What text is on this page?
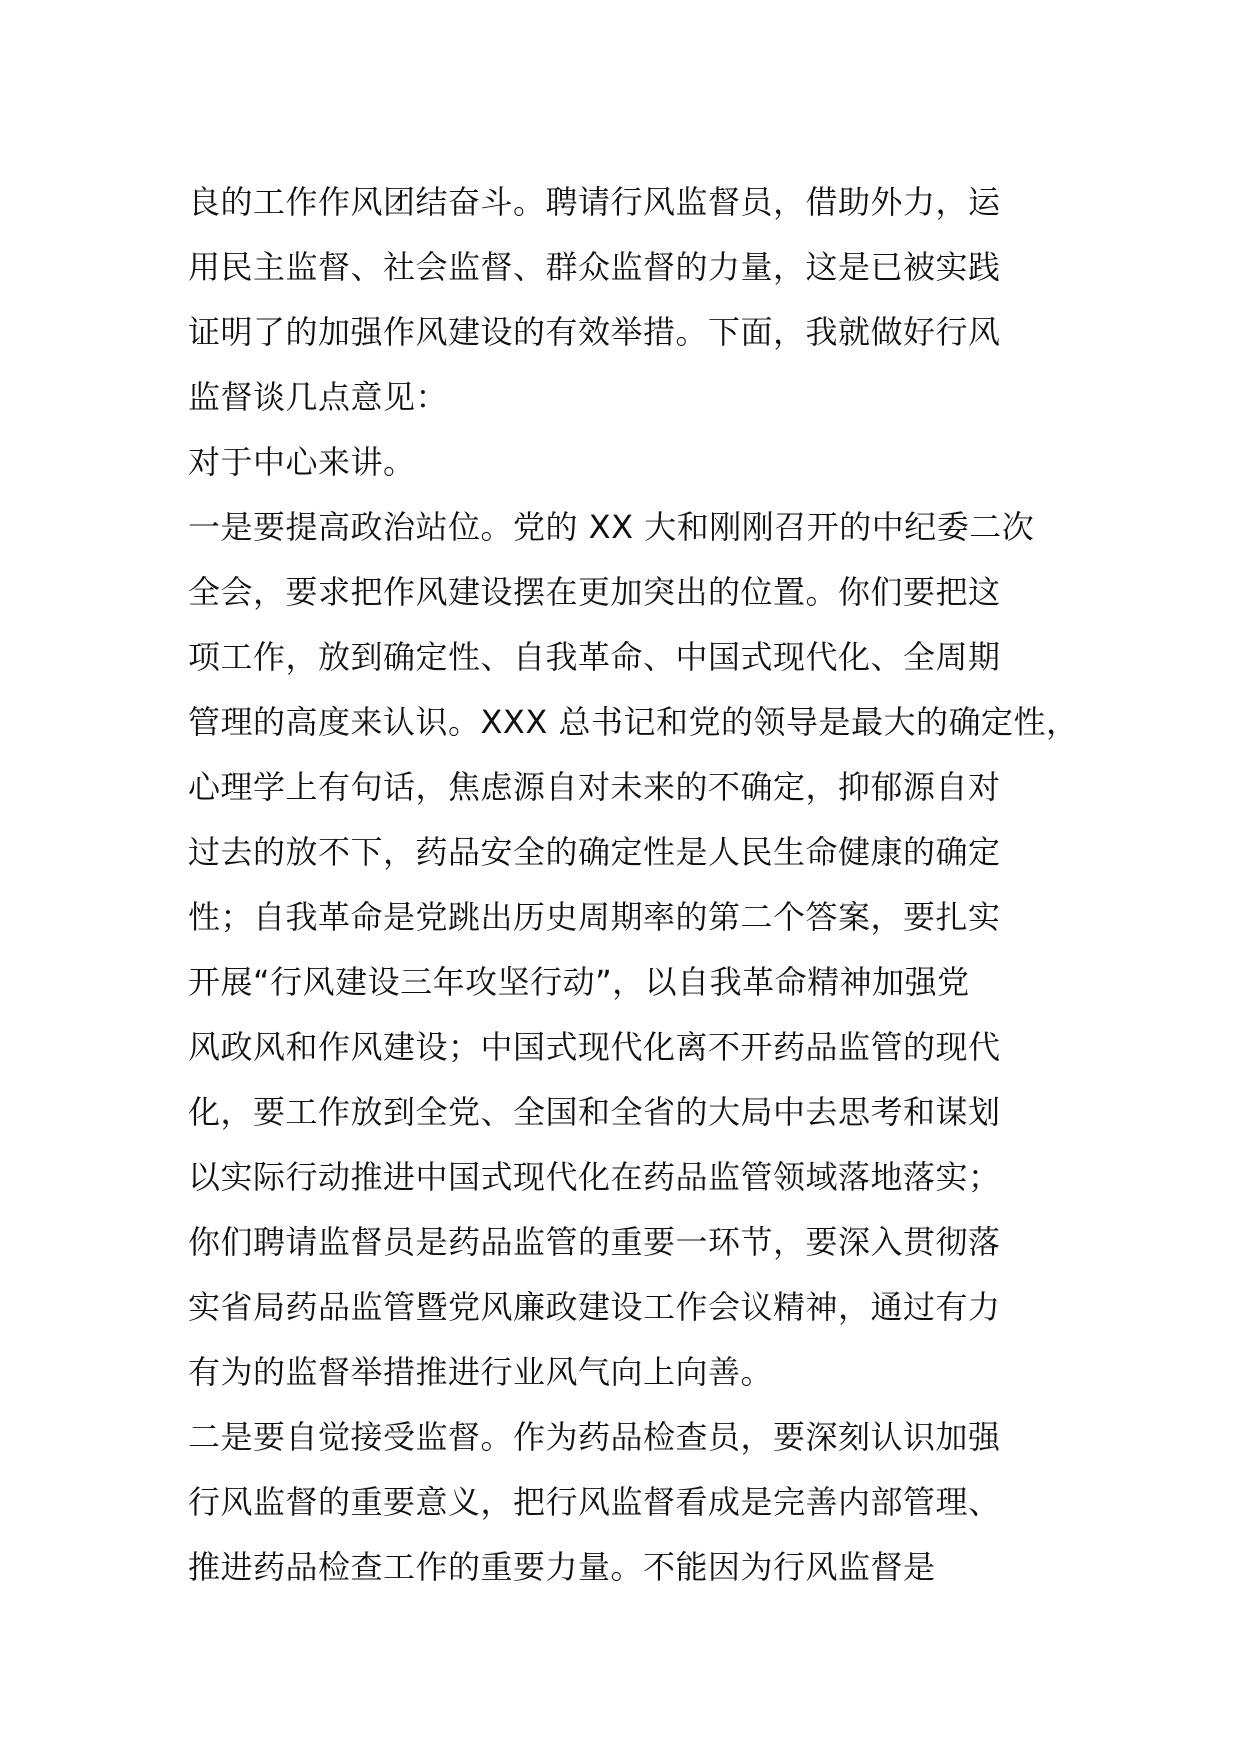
良的工作作风团结奋斗。聘请行风监督员，借助外力，运
用民主监督、社会监督、群众监督的力量，这是已被实践
证明了的加强作风建设的有效举措。下面，我就做好行风
监督谈几点意见：
对于中心来讲。
一是要提高政治站位。党的 XX 大和刚刚召开的中纪委二次
全会，要求把作风建设摆在更加突出的位置。你们要把这
项工作，放到确定性、自我革命、中国式现代化、全周期
管理的高度来认识。XXX 总书记和党的领导是最大的确定性，
心理学上有句话，焦虑源自对未来的不确定，抑郁源自对
过去的放不下，药品安全的确定性是人民生命健康的确定
性；自我革命是党跳出历史周期率的第二个答案，要扎实
开展“行风建设三年攻坚行动”，以自我革命精神加强党
风政风和作风建设；中国式现代化离不开药品监管的现代
化，要工作放到全党、全国和全省的大局中去思考和谋划
以实际行动推进中国式现代化在药品监管领域落地落实；
你们聘请监督员是药品监管的重要一环节，要深入贯彻落
实省局药品监管暨党风廉政建设工作会议精神，通过有力
有为的监督举措推进行业风气向上向善。
二是要自觉接受监督。作为药品检查员，要深刻认识加强
行风监督的重要意义，把行风监督看成是完善内部管理、
推进药品检查工作的重要力量。不能因为行风监督是
